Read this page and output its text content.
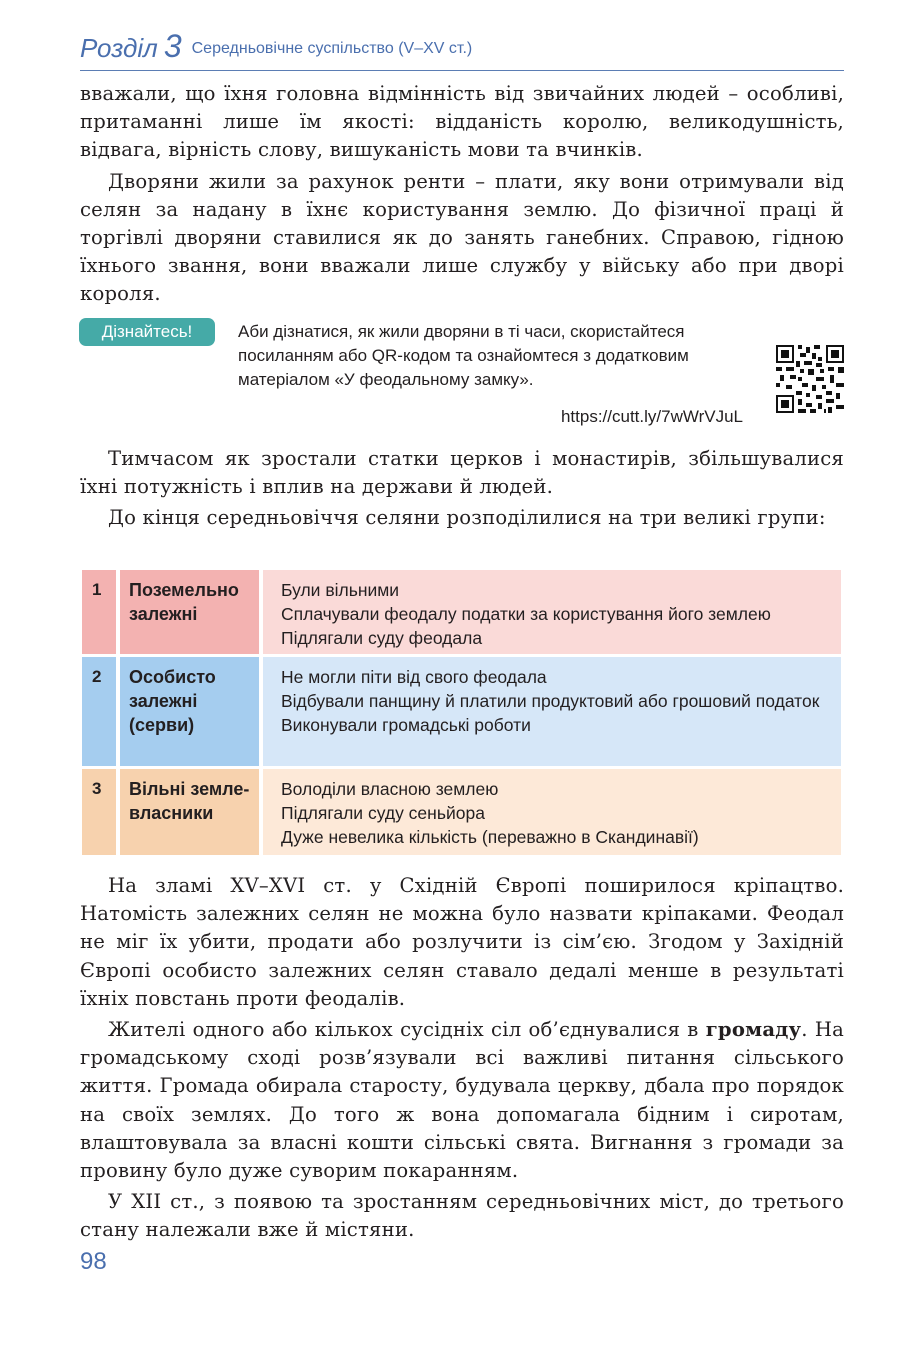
Розділ 3 Середньовічне суспільство (V–XV ст.)

вважали, що їхня головна відмінність від звичайних людей – особливі, притаманні лише їм якості: відданість королю, великодушність, відвага, вірність слову, вишуканість мови та вчинків.

Дворяни жили за рахунок ренти – плати, яку вони отримували від селян за надану в їхнє користування землю. До фізичної праці й торгівлі дворяни ставилися як до занять ганебних. Справою, гідною їхнього звання, вони вважали лише службу у війську або при дворі короля.

Дізнайтесь!	Аби дізнатися, як жили дворяни в ті часи, скористайтеся посиланням або QR-кодом та ознайомтеся з додатковим матеріалом «У феодальному замку».
https://cutt.ly/7wWrVJuL

Тимчасом як зростали статки церков і монастирів, збільшувалися їхні потужність і вплив на держави й людей.

До кінця середньовіччя селяни розподілилися на три великі групи:

1	Поземельно залежні
Були вільними
Сплачували феодалу податки за користування його землею
Підлягали суду феодала
2	Особисто залежні (серви)
Не могли піти від свого феодала
Відбували панщину й платили продуктовий або грошовий податок
Виконували громадські роботи
3	Вільні земле-власники
Володіли власною землею
Підлягали суду сеньйора
Дуже невелика кількість (переважно в Скандинавії)

На зламі XV–XVI ст. у Східній Європі поширилося кріпацтво. Натомість залежних селян не можна було назвати кріпаками. Феодал не міг їх убити, продати або розлучити із сім’єю. Згодом у Західній Європі особисто залежних селян ставало дедалі менше в результаті їхніх повстань проти феодалів.

Жителі одного або кількох сусідніх сіл об’єднувалися в громаду. На громадському сході розв’язували всі важливі питання сільського життя. Громада обирала старосту, будувала церкву, дбала про порядок на своїх землях. До того ж вона допомагала бідним і сиротам, влаштовувала за власні кошти сільські свята. Вигнання з громади за провину було дуже суворим покаранням.

У XII ст., з появою та зростанням середньовічних міст, до третього стану належали вже й містяни.

98
